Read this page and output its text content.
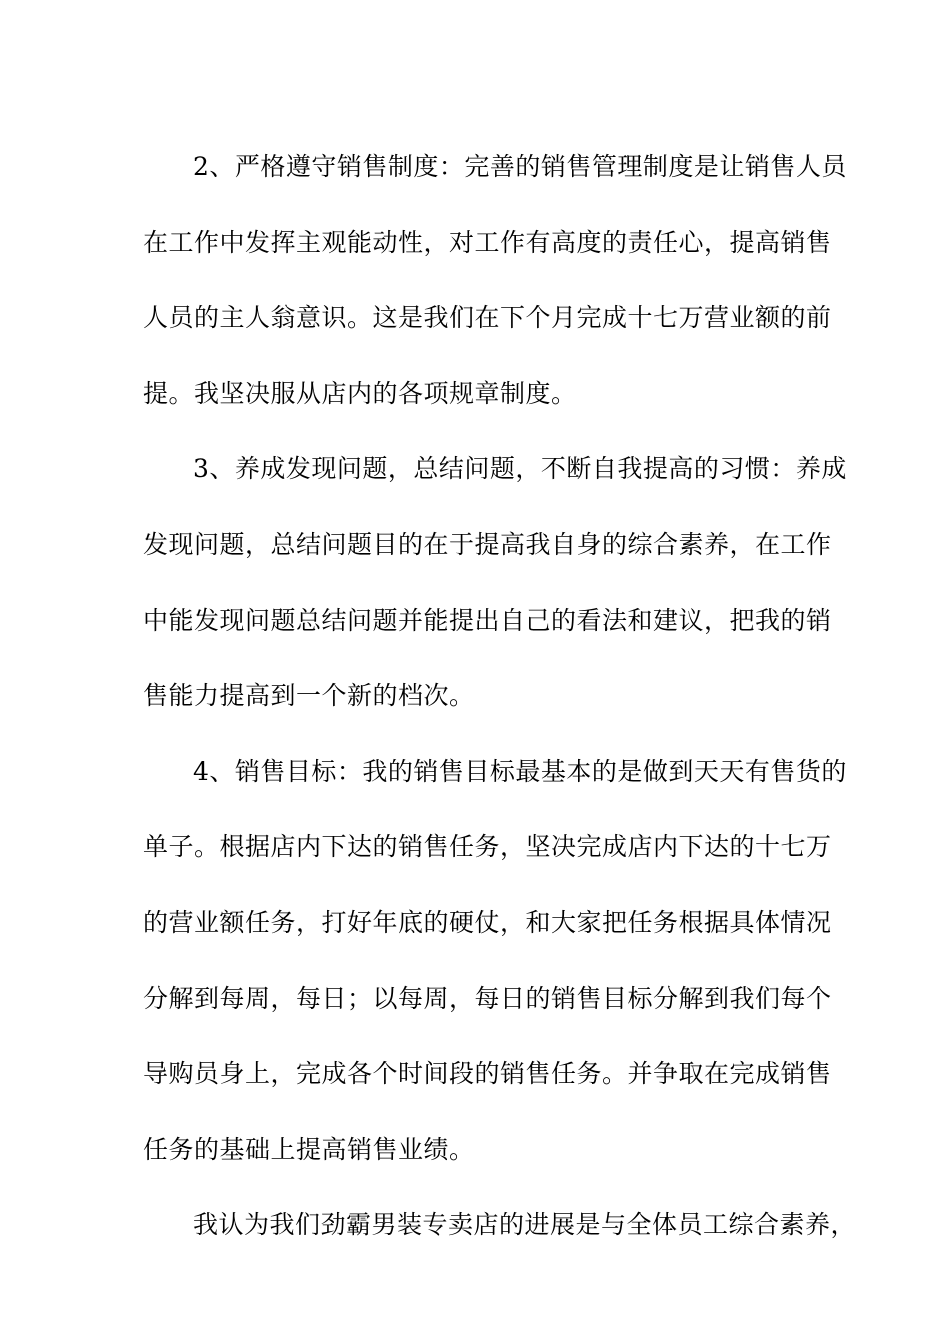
2、严格遵守销售制度：完善的销售管理制度是让销售人员
在工作中发挥主观能动性，对工作有高度的责任心，提高销售
人员的主人翁意识。这是我们在下个月完成十七万营业额的前
提。我坚决服从店内的各项规章制度。

3、养成发现问题，总结问题，不断自我提高的习惯：养成
发现问题，总结问题目的在于提高我自身的综合素养，在工作
中能发现问题总结问题并能提出自己的看法和建议，把我的销
售能力提高到一个新的档次。

4、销售目标：我的销售目标最基本的是做到天天有售货的
单子。根据店内下达的销售任务，坚决完成店内下达的十七万
的营业额任务，打好年底的硬仗，和大家把任务根据具体情况
分解到每周，每日；以每周，每日的销售目标分解到我们每个
导购员身上，完成各个时间段的销售任务。并争取在完成销售
任务的基础上提高销售业绩。

我认为我们劲霸男装专卖店的进展是与全体员工综合素养，
